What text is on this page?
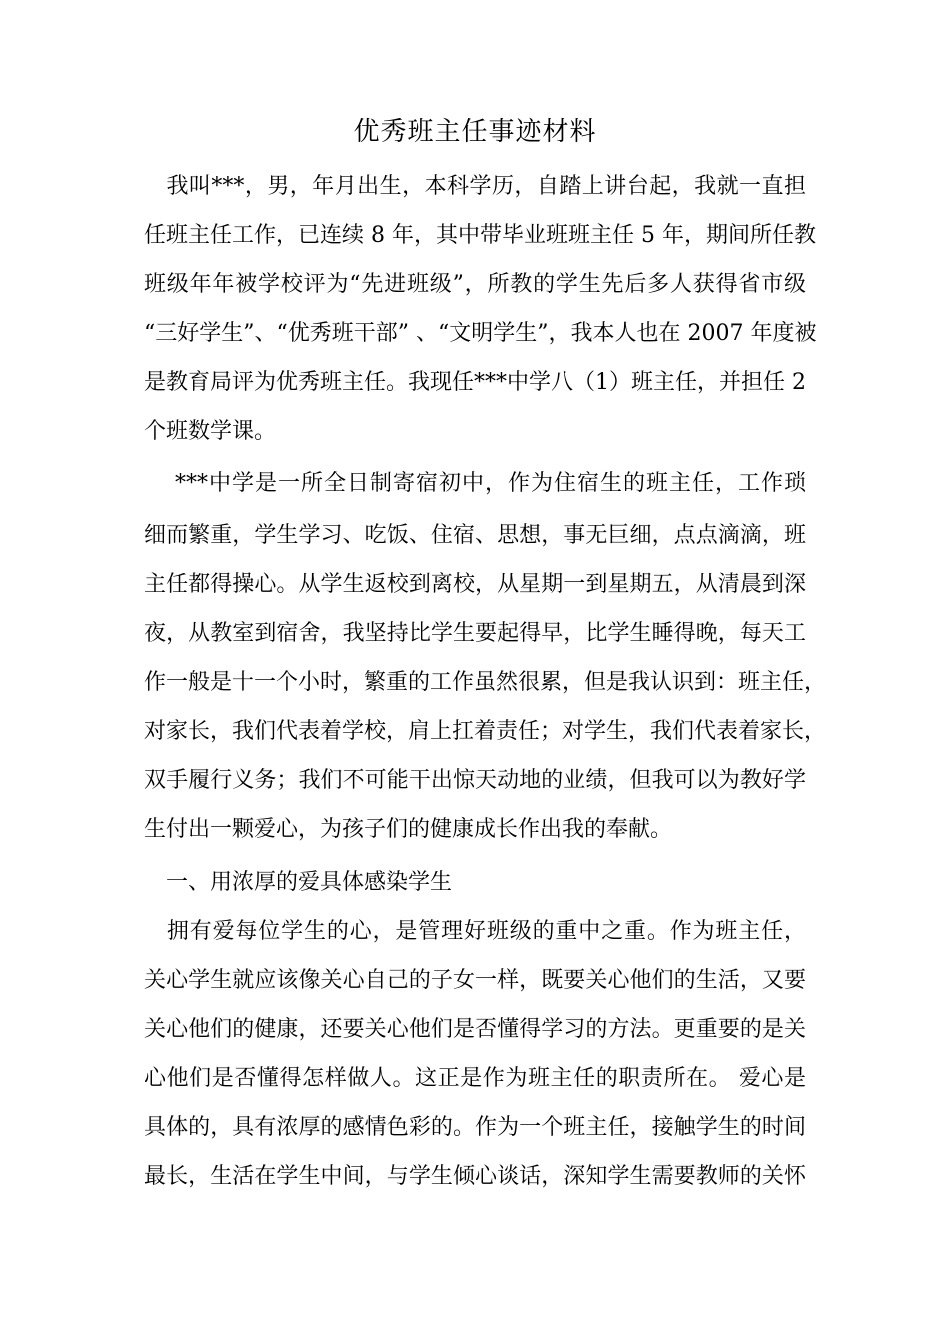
优秀班主任事迹材料
　我叫***，男，年月出生，本科学历，自踏上讲台起，我就一直担
任班主任工作，已连续 8 年，其中带毕业班班主任 5 年，期间所任教
班级年年被学校评为“先进班级”，所教的学生先后多人获得省市级
“三好学生”、“优秀班干部” 、“文明学生”，我本人也在 2007 年度被
是教育局评为优秀班主任。我现任***中学八（1）班主任，并担任 2
个班数学课。
　 ***中学是一所全日制寄宿初中，作为住宿生的班主任，工作琐
细而繁重，学生学习、吃饭、住宿、思想，事无巨细，点点滴滴，班
主任都得操心。从学生返校到离校，从星期一到星期五，从清晨到深
夜，从教室到宿舍，我坚持比学生要起得早，比学生睡得晚，每天工
作一般是十一个小时，繁重的工作虽然很累，但是我认识到：班主任，
对家长，我们代表着学校，肩上扛着责任；对学生，我们代表着家长，
双手履行义务；我们不可能干出惊天动地的业绩，但我可以为教好学
生付出一颗爱心，为孩子们的健康成长作出我的奉献。
　一、用浓厚的爱具体感染学生
　拥有爱每位学生的心，是管理好班级的重中之重。作为班主任，
关心学生就应该像关心自己的子女一样，既要关心他们的生活，又要
关心他们的健康，还要关心他们是否懂得学习的方法。更重要的是关
心他们是否懂得怎样做人。这正是作为班主任的职责所在。 爱心是
具体的，具有浓厚的感情色彩的。作为一个班主任，接触学生的时间
最长，生活在学生中间，与学生倾心谈话，深知学生需要教师的关怀
